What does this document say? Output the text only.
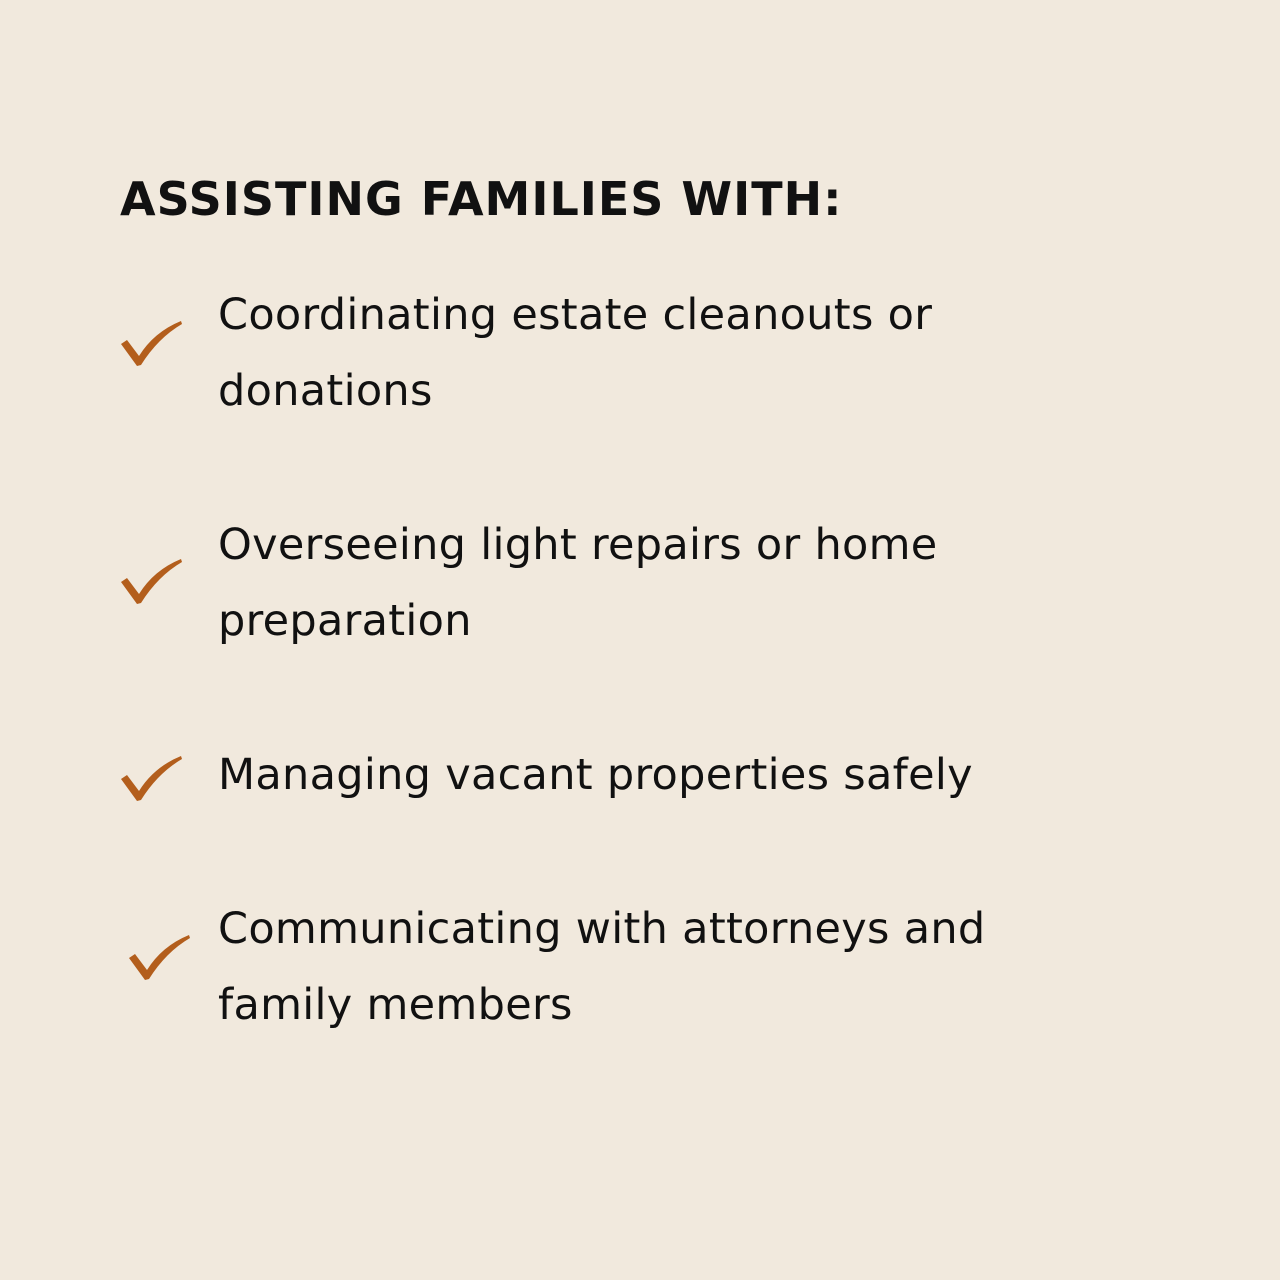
ASSISTING FAMILIES WITH:
Coordinating estate cleanouts or
donations
Overseeing light repairs or home
preparation
Managing vacant properties safely
Communicating with attorneys and
family members
